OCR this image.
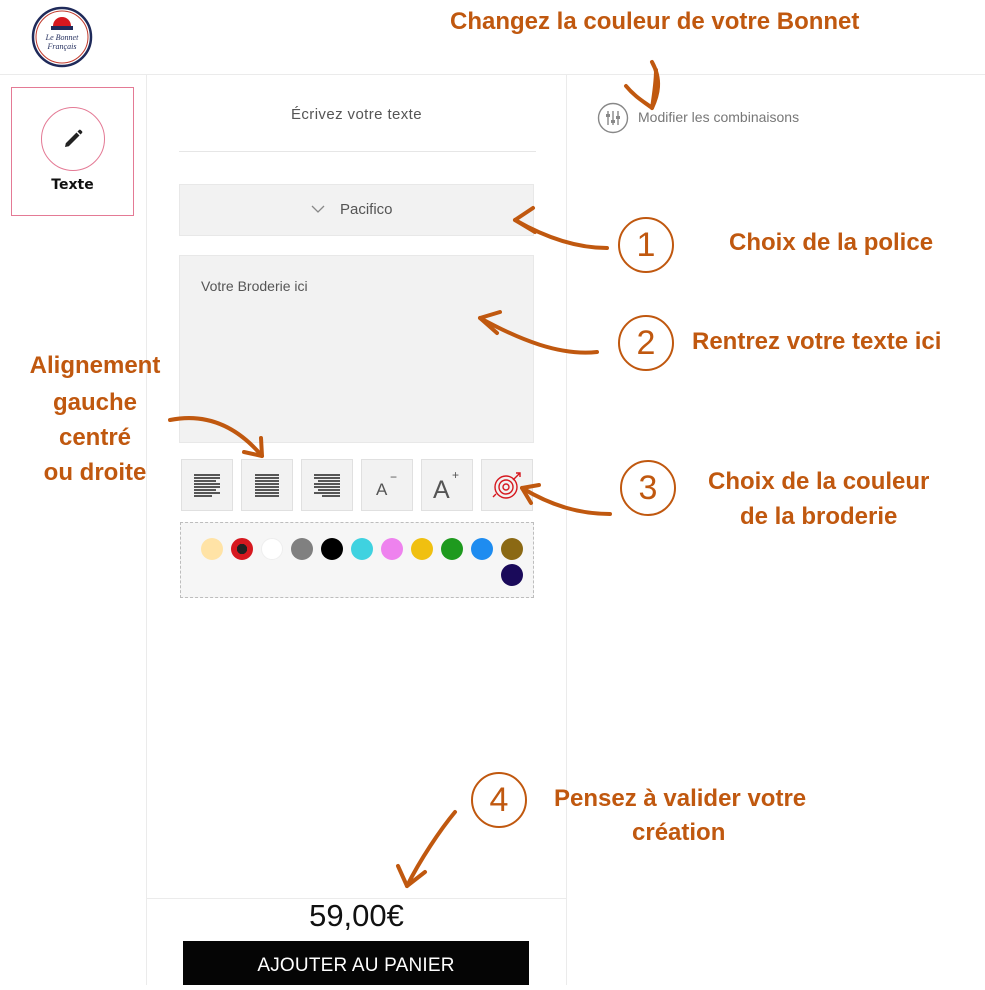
Le Bonnet
Français
Texte
Écrivez votre texte
Pacifico
Votre Broderie ici
A
− A
+
Modifier les combinaisons
59,00€
AJOUTER AU PANIER
Changez la couleur de votre Bonnet
1	Choix de la police
2	Rentrez votre texte ici
3	Choix de la couleur
de la broderie
4	Pensez à valider votre
création
Alignement
gauche
centré
ou droite
